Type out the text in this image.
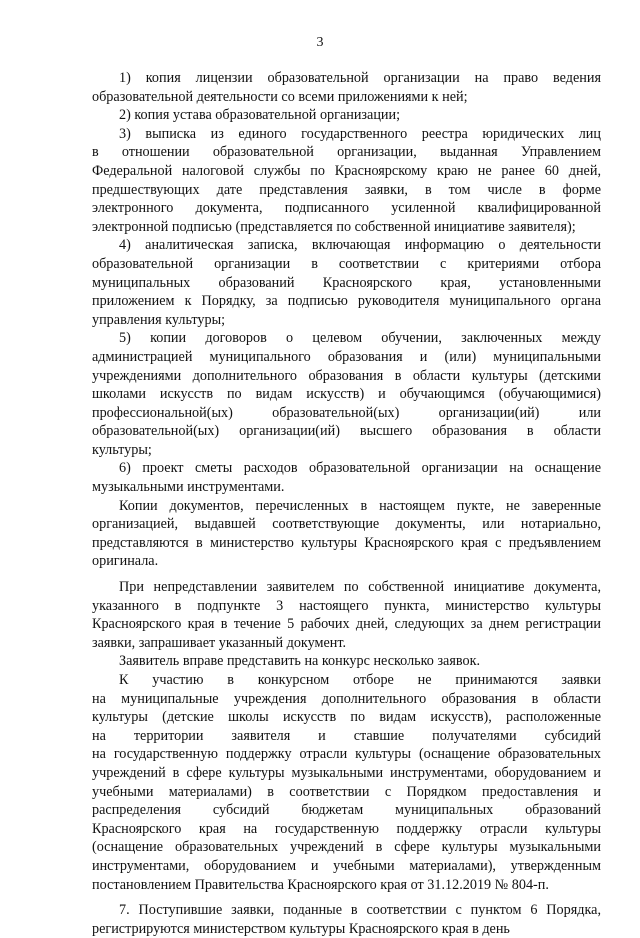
3
1) копия лицензии образовательной организации на право ведения
образовательной деятельности со всеми приложениями к ней;
2) копия устава образовательной организации;
3) выписка из единого государственного реестра юридических лиц
в отношении образовательной организации, выданная Управлением
Федеральной налоговой службы по Красноярскому краю не ранее 60 дней,
предшествующих дате представления заявки, в том числе в форме
электронного документа, подписанного усиленной квалифицированной
электронной подписью (представляется по собственной инициативе заявителя);
4) аналитическая записка, включающая информацию о деятельности
образовательной организации в соответствии с критериями отбора
муниципальных образований Красноярского края, установленными
приложением к Порядку, за подписью руководителя муниципального органа
управления культуры;
5) копии договоров о целевом обучении, заключенных между
администрацией муниципального образования и (или) муниципальными
учреждениями дополнительного образования в области культуры (детскими
школами искусств по видам искусств) и обучающимся (обучающимися)
профессиональной(ых) образовательной(ых) организации(ий) или
образовательной(ых) организации(ий) высшего образования в области
культуры;
6) проект сметы расходов образовательной организации на оснащение
музыкальными инструментами.
Копии документов, перечисленных в настоящем пукте, не заверенные
организацией, выдавшей соответствующие документы, или нотариально,
представляются в министерство культуры Красноярского края с предъявлением
оригинала.
При непредставлении заявителем по собственной инициативе документа,
указанного в подпункте 3 настоящего пункта, министерство культуры
Красноярского края в течение 5 рабочих дней, следующих за днем регистрации
заявки, запрашивает указанный документ.
Заявитель вправе представить на конкурс несколько заявок.
К участию в конкурсном отборе не принимаются заявки
на муниципальные учреждения дополнительного образования в области
культуры (детские школы искусств по видам искусств), расположенные
на территории заявителя и ставшие получателями субсидий
на государственную поддержку отрасли культуры (оснащение образовательных
учреждений в сфере культуры музыкальными инструментами, оборудованием и
учебными материалами) в соответствии с Порядком предоставления и
распределения субсидий бюджетам муниципальных образований
Красноярского края на государственную поддержку отрасли культуры
(оснащение образовательных учреждений в сфере культуры музыкальными
инструментами, оборудованием и учебными материалами), утвержденным
постановлением Правительства Красноярского края от 31.12.2019 № 804-п.
7. Поступившие заявки, поданные в соответствии с пунктом 6 Порядка,
регистрируются министерством культуры Красноярского края в день
